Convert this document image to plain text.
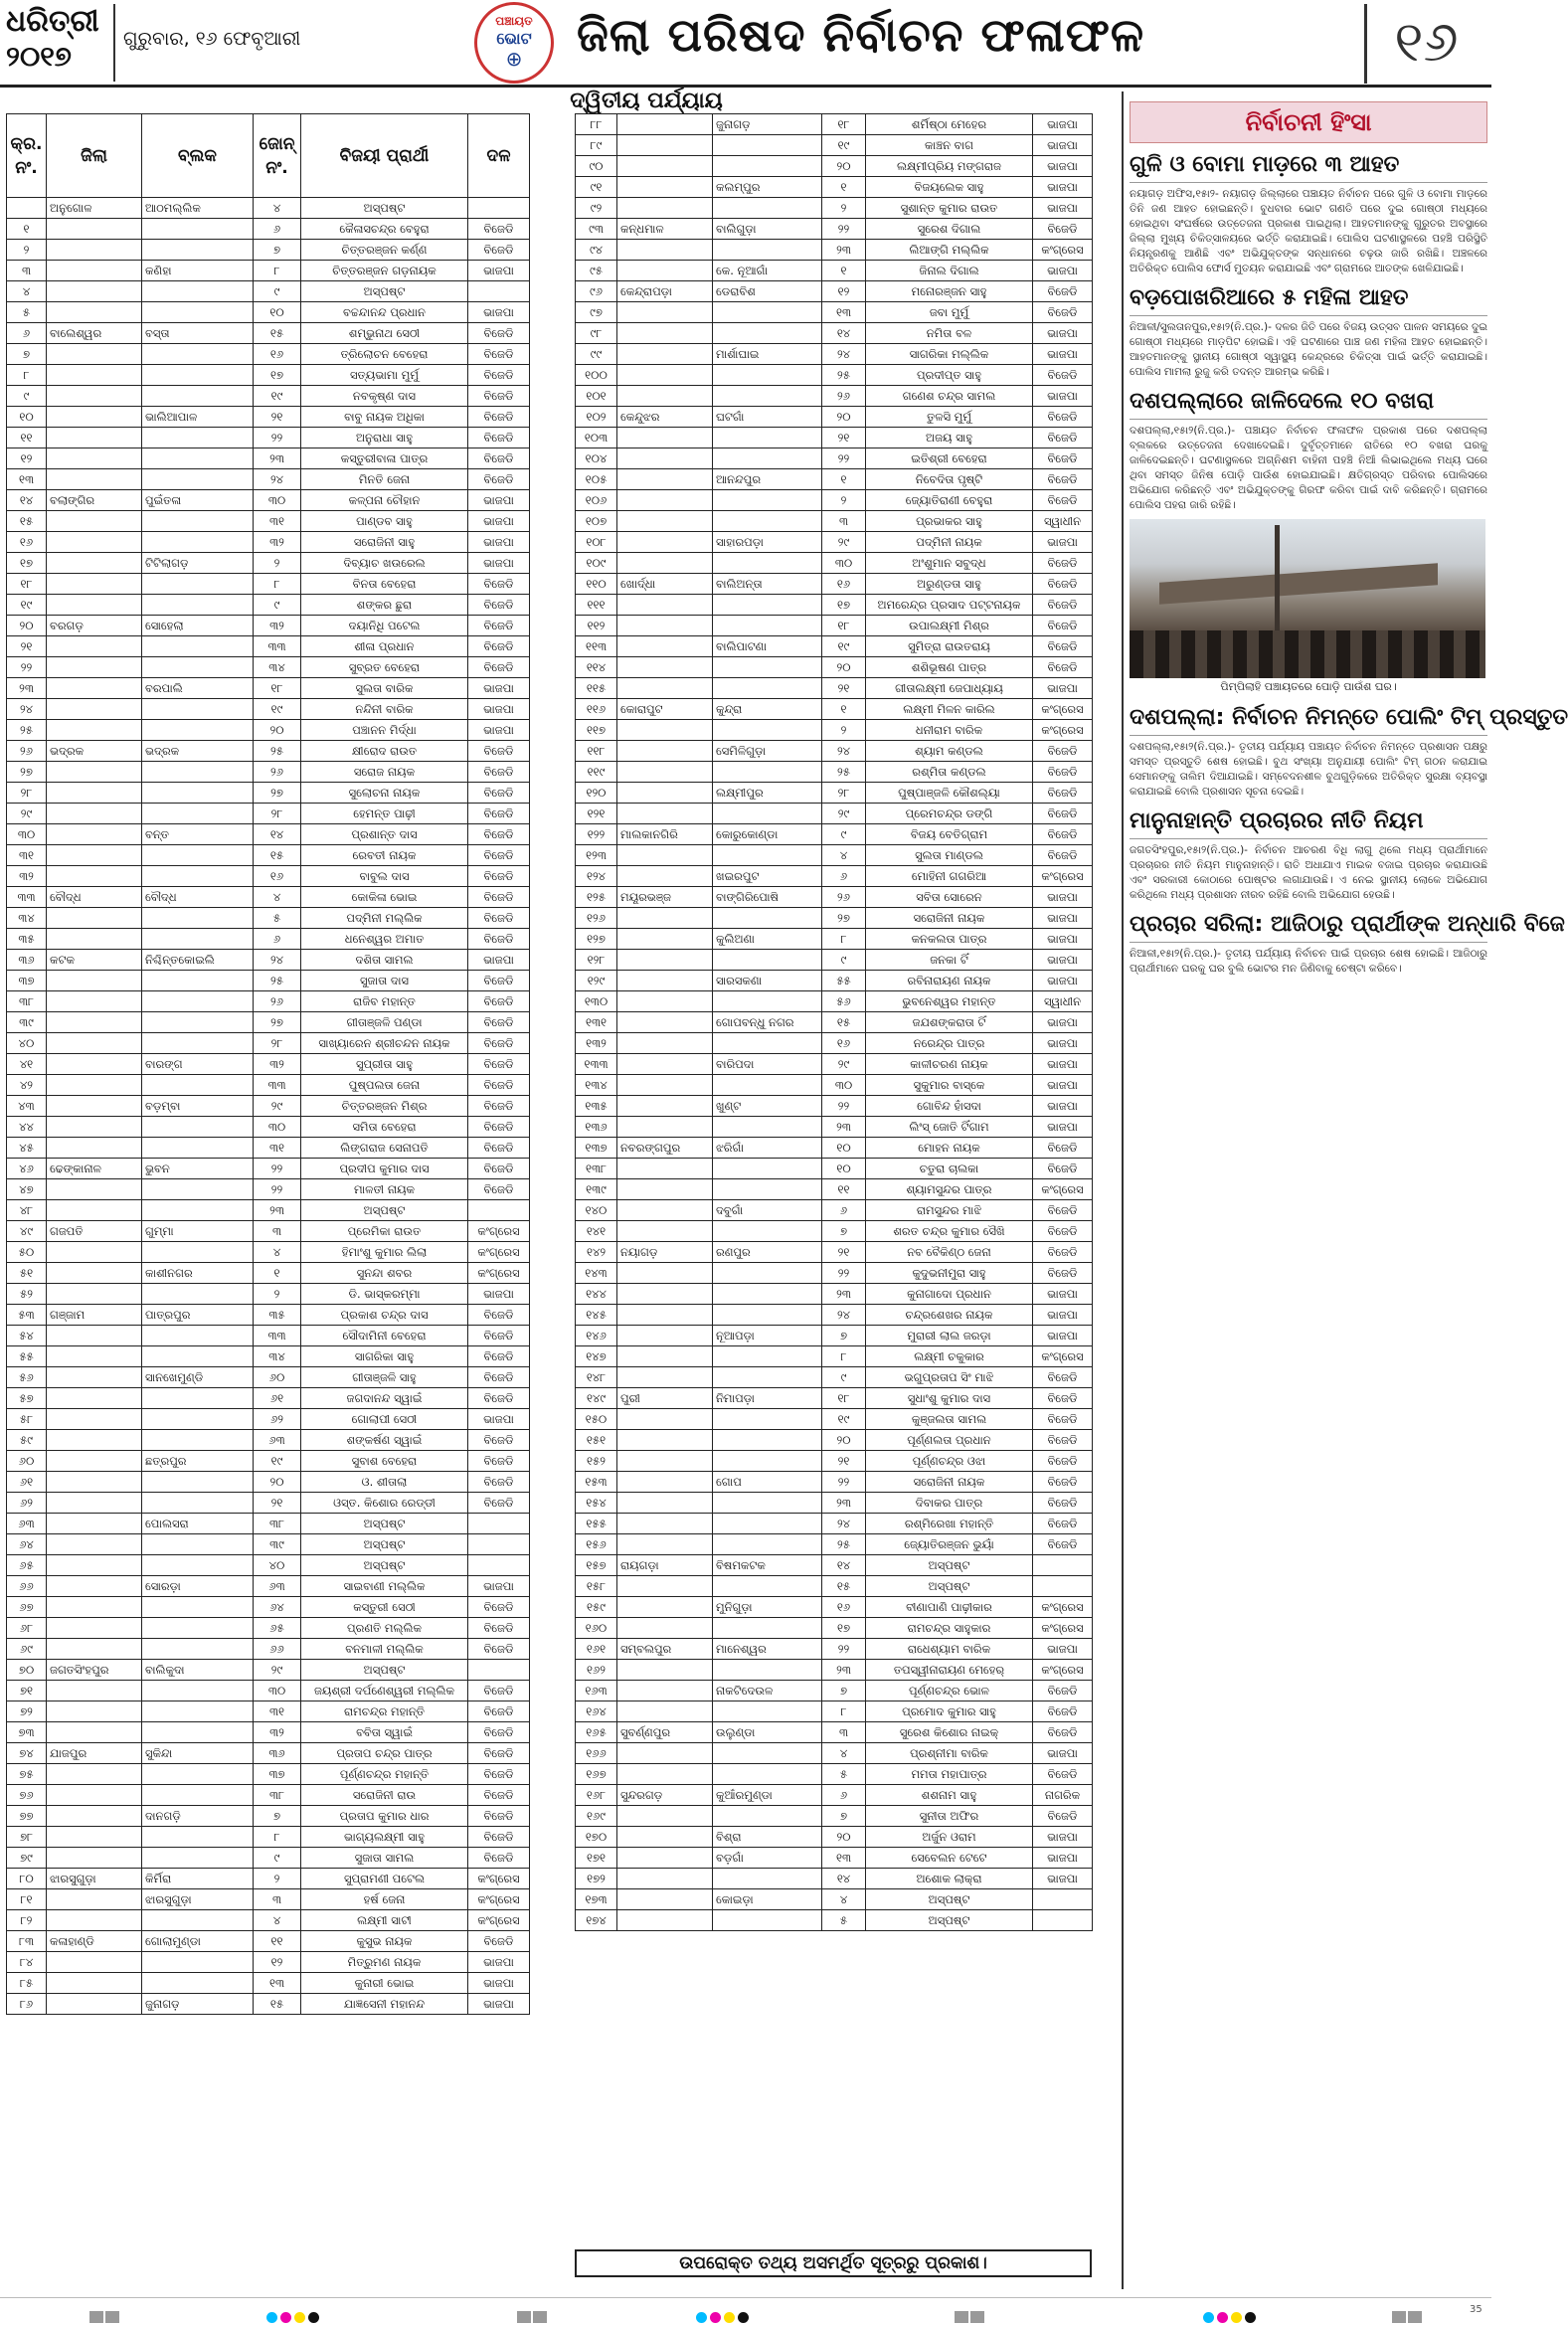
ଧରିତ୍ରୀ
୨୦୧୭
ଗୁରୁବାର, ୧୬ ଫେବୃଆରୀ
ପଞ୍ଚାୟତ
ଭୋଟ
⊕	ଜିଲା ପରିଷଦ ନିର୍ବାଚନ ଫଳାଫଳ	୧୬
ଦ୍ୱିତୀୟ ପର୍ଯ୍ୟାୟ
କ୍ର. ନଂ.	ଜିଲା	ବ୍ଲକ	ଜୋନ୍ ନଂ.	ବିଜୟୀ ପ୍ରାର୍ଥୀ	ଦଳ
	ଅନୁଗୋଳ	ଆଠମଲ୍ଲିକ	୪	ଅସ୍ପଷ୍ଟ	
୧			୬	କୈଳାସଚନ୍ଦ୍ର ବେହୁରା	ବିଜେଡି
୨			୭	ଚିତ୍ତରଞ୍ଜନ କର୍ଣ୍ଣ	ବିଜେଡି
୩		କଣିହା	୮	ଚିତ୍ତରଞ୍ଜନ ଗଡ଼ନାୟକ	ଭାଜପା
୪			୯	ଅସ୍ପଷ୍ଟ	
୫			୧୦	ବଚ୍ଚନ୍ଦାନନ୍ଦ ପ୍ରଧାନ	ଭାଜପା
୬	ବାଲେଶ୍ୱର	ବସ୍ତା	୧୫	ଶମ୍ଭୁନାଥ ସେଠୀ	ବିଜେଡି
୭			୧୬	ତ୍ରିଲୋଚନ ବେହେରା	ବିଜେଡି
୮			୧୭	ସତ୍ୟଭାମା ମୁର୍ମୁ	ବିଜେଡି
୯			୧୯	ନବକୃଷ୍ଣ ଦାସ	ବିଜେଡି
୧୦		ଭାଲିଆପାଳ	୨୧	ବାବୁ ନାୟକ ଅଧିକା	ବିଜେଡି
୧୧			୨୨	ଅନୁରାଧା ସାହୁ	ବିଜେଡି
୧୨			୨୩	କସ୍ତୁରୀବାଳା ପାତ୍ର	ବିଜେଡି
୧୩			୨୪	ମିନତି ଜେନା	ବିଜେଡି
୧୪	ବଲାଙ୍ଗିର	ପୁଇଁତଳା	୩୦	କଳ୍ପନା ଚୌହାନ	ଭାଜପା
୧୫			୩୧	ପାଣ୍ଡବ ସାହୁ	ଭାଜପା
୧୬			୩୨	ସରୋଜିନୀ ସାହୁ	ଭାଜପା
୧୭		ଟିଟିଲାଗଡ଼	୨	ଦିବ୍ୟାଚ ଖଉରେଲ	ଭାଜପା
୧୮			୮	ବିନତା ବେହେରା	ବିଜେଡି
୧୯			୯	ଶଙ୍କର ଛୁରା	ବିଜେଡି
୨୦	ବରଗଡ଼	ସୋହେଲା	୩୨	ଦୟାନିଧି ପଟେଲ	ବିଜେଡି
୨୧			୩୩	ଶୀଳା ପ୍ରଧାନ	ବିଜେଡି
୨୨			୩୪	ସୁବ୍ରତ ବେହେରା	ବିଜେଡି
୨୩		ବରପାଲି	୧୮	ସୁଲତା ବାରିକ	ଭାଜପା
୨୪			୧୯	ନନ୍ଦିନୀ ବାରିକ	ଭାଜପା
୨୫			୨୦	ପଞ୍ଚାନନ ମିର୍ଦ୍ଧା	ଭାଜପା
୨୬	ଭଦ୍ରକ	ଭଦ୍ରକ	୨୫	କ୍ଷୀରୋଦ ରାଉତ	ବିଜେଡି
୨୭			୨୬	ସରୋଜ ନାୟକ	ବିଜେଡି
୨୮			୨୭	ସୁଲୋଚନା ନାୟକ	ବିଜେଡି
୨୯			୨୮	ହେମନ୍ତ ପାଢ଼ୀ	ବିଜେଡି
୩୦		ବନ୍ତ	୧୪	ପ୍ରଶାନ୍ତ ଦାସ	ବିଜେଡି
୩୧			୧୫	ରେବତୀ ନାୟକ	ବିଜେଡି
୩୨			୧୬	ବାବୁଲ ଦାସ	ବିଜେଡି
୩୩	ବୌଦ୍ଧ	ବୌଦ୍ଧ	୪	କୋକିଳା ଭୋଇ	ବିଜେଡି
୩୪			୫	ପଦ୍ମିନୀ ମଲ୍ଲିକ	ବିଜେଡି
୩୫			୬	ଧନେଶ୍ୱର ଅମାତ	ବିଜେଡି
୩୬	କଟକ	ନିଶ୍ଚିନ୍ତକୋଇଲି	୨୪	ଦଶିତା ସାମଲ	ଭାଜପା
୩୭			୨୫	ସୁଜାତା ଦାସ	ବିଜେଡି
୩୮			୨୬	ରାଜିବ ମହାନ୍ତ	ବିଜେଡି
୩୯			୨୭	ଗୀତାଞ୍ଜଳି ପଣ୍ଡା	ବିଜେଡି
୪୦			୨୮	ସାଖ୍ୟାରେନ ଶ୍ରୀଚନ୍ଦନ ନାୟକ	ବିଜେଡି
୪୧		ବାରଙ୍ଗ	୩୨	ସୁପ୍ରୀତା ସାହୁ	ବିଜେଡି
୪୨			୩୩	ପୁଷ୍ପଲତା ଜେନା	ବିଜେଡି
୪୩		ବଡ଼ମ୍ବା	୨୯	ଚିତ୍ତରଞ୍ଜନ ମିଶ୍ର	ବିଜେଡି
୪୪			୩୦	ସମିତା ବେହେରା	ବିଜେଡି
୪୫			୩୧	ଲିଙ୍ଗରାଜ ସେନାପତି	ବିଜେଡି
୪୬	ଢେଙ୍କାନାଳ	ଭୁବନ	୨୨	ପ୍ରଦୀପ କୁମାର ଦାସ	ବିଜେଡି
୪୭			୨୨	ମାଳତୀ ନାୟକ	ବିଜେଡି
୪୮			୨୩	ଅସ୍ପଷ୍ଟ	
୪୯	ଗଜପତି	ଗୁମ୍ମା	୩	ପ୍ରେମିକା ରାଉତ	କଂଗ୍ରେସ
୫୦			୪	ହିମାଂଶୁ କୁମାର ଲିଲା	କଂଗ୍ରେସ
୫୧		କାଶୀନଗର	୧	ସୁନନ୍ଦା ଶବର	କଂଗ୍ରେସ
୫୨			୨	ଡି. ଭାସ୍କରମ୍ମା	ଭାଜପା
୫୩	ଗଞ୍ଜାମ	ପାତ୍ରପୁର	୩୫	ପ୍ରକାଶ ଚନ୍ଦ୍ର ଦାସ	ବିଜେଡି
୫୪			୩୩	ସୌଦାମିନୀ ବେହେରା	ବିଜେଡି
୫୫			୩୪	ସାଗରିକା ସାହୁ	ବିଜେଡି
୫୬		ସାନଖେମୁଣ୍ଡି	୬୦	ଗୀତାଞ୍ଜଳି ସାହୁ	ବିଜେଡି
୫୭			୬୧	ଜଗଦାନନ୍ଦ ସ୍ୱାଇଁ	ବିଜେଡି
୫୮			୬୨	ଗୋଲାପୀ ସେଠୀ	ଭାଜପା
୫୯			୬୩	ଶଙ୍କର୍ଷଣ ସ୍ୱାଇଁ	ବିଜେଡି
୬୦		ଛତ୍ରପୁର	୧୯	ସୁବାଶ ବେହେରା	ବିଜେଡି
୬୧			୨୦	ଓ. ଶୀତାଲା	ବିଜେଡି
୬୨			୨୧	ଓସ୍ତ. କିଶୋର ରେଡ୍ଡୀ	ବିଜେଡି
୬୩		ପୋଲସରା	୩୮	ଅସ୍ପଷ୍ଟ	
୬୪			୩୯	ଅସ୍ପଷ୍ଟ	
୬୫			୪୦	ଅସ୍ପଷ୍ଟ	
୬୬		ସୋରଡ଼ା	୬୩	ସାଇବାଣୀ ମଲ୍ଲିକ	ଭାଜପା
୬୭			୬୪	କସ୍ତୁରୀ ସେଠୀ	ବିଜେଡି
୬୮			୬୫	ପ୍ରଣତି ମଲ୍ଲିକ	ବିଜେଡି
୬୯			୬୬	ବନମାଳୀ ମଲ୍ଲିକ	ବିଜେଡି
୭୦	ଜଗତସିଂହପୁର	ବାଲିକୁଦା	୨୯	ଅସ୍ପଷ୍ଟ	
୭୧			୩୦	ଜୟଶ୍ରୀ ଦର୍ପଣେଶ୍ୱରୀ ମଲ୍ଲିକ	ବିଜେଡି
୭୨			୩୧	ରାମଚନ୍ଦ୍ର ମହାନ୍ତି	ବିଜେଡି
୭୩			୩୨	ବବିତା ସ୍ୱାଇଁ	ବିଜେଡି
୭୪	ଯାଜପୁର	ସୁକିନ୍ଦା	୩୬	ପ୍ରତାପ ଚନ୍ଦ୍ର ପାତ୍ର	ବିଜେଡି
୭୫			୩୭	ପୂର୍ଣ୍ଣଚନ୍ଦ୍ର ମହାନ୍ତି	ବିଜେଡି
୭୬			୩୮	ସରୋଜିନୀ ରାଉ	ବିଜେଡି
୭୭		ଦାନଗଡ଼ି	୭	ପ୍ରତାପ କୁମାର ଧାର	ବିଜେଡି
୭୮			୮	ଭାଗ୍ୟଲକ୍ଷ୍ମୀ ସାହୁ	ବିଜେଡି
୭୯			୯	ସୁଜାତା ସାମଲ	ବିଜେଡି
୮୦	ଝାରସୁଗୁଡ଼ା	କିର୍ମିରା	୨	ସୁପ୍ରାମଣୀ ପଟେଲ	କଂଗ୍ରେସ
୮୧		ଝାରସୁଗୁଡ଼ା	୩	ହର୍ଷ ଜେନା	କଂଗ୍ରେସ
୮୨			୪	ଲକ୍ଷ୍ମୀ ସାଟୀ	କଂଗ୍ରେସ
୮୩	କଳାହାଣ୍ଡି	ଗୋଲାମୁଣ୍ଡା	୧୧	କୁସୁଭ ନାୟକ	ବିଜେଡି
୮୪			୧୨	ମିତ୍ରୁମଣ ନାୟକ	ଭାଜପା
୮୫			୧୩	କୁନାରୀ ଭୋଇ	ଭାଜପା
୮୬		ଜୁନାଗଡ଼	୧୫	ଯାଜ୍ଞସେନୀ ମହାନନ୍ଦ	ଭାଜପା
୮୮		ଜୁନାଗଡ଼	୧୮	ଶର୍ମିଷ୍ଠା ମେହେର	ଭାଜପା
୮୯			୧୯	କାଞ୍ଚନ ବାଗ	ଭାଜପା
୯୦			୨୦	ଲକ୍ଷ୍ମୀପ୍ରିୟ ମଙ୍ଗରାଜ	ଭାଜପା
୯୧		କଲମ୍ପୁର	୧	ବିଜୟଲେକ ସାହୁ	ଭାଜପା
୯୨			୨	ସୁଶାନ୍ତ କୁମାର ରାଉତ	ଭାଜପା
୯୩	କନ୍ଧମାଳ	ବାଲିଗୁଡ଼ା	୨୨	ସୁରେଶ ଦିଗାଲ	ବିଜେଡି
୯୪			୨୩	ଲିଆଙ୍ଗି ମଲ୍ଲିକ	କଂଗ୍ରେସ
୯୫		କେ. ନୂଆଗାଁ	୧	ଜିନାଲ ଦିଗାଲ	ଭାଜପା
୯୬	କେନ୍ଦ୍ରାପଡ଼ା	ଡେରାବିଶ	୧୨	ମନୋରଞ୍ଜନ ସାହୁ	ବିଜେଡି
୯୭			୧୩	ଜବା ମୁର୍ମୁ	ବିଜେଡି
୯୮			୧୪	ନମିତା ବଳ	ଭାଜପା
୯୯		ମାର୍ଶାଘାଇ	୨୪	ସାଗରିକା ମଲ୍ଲିକ	ଭାଜପା
୧୦୦			୨୫	ପ୍ରଦୀପ୍ତ ସାହୁ	ବିଜେଡି
୧୦୧			୨୬	ଗଣେଶ ଚନ୍ଦ୍ର ସାମଲ	ଭାଜପା
୧୦୨	କେନ୍ଦୁଝର	ଘଟଗାଁ	୨୦	ତୁଳସି ମୁର୍ମୁ	ବିଜେଡି
୧୦୩			୨୧	ଅଜୟ ସାହୁ	ବିଜେଡି
୧୦୪			୨୨	ଇତିଶ୍ରୀ ବେହେରା	ବିଜେଡି
୧୦୫		ଆନନ୍ଦପୁର	୧	ନିବେଦିତା ପୃଷ୍ଟି	ବିଜେଡି
୧୦୬			୨	ଜ୍ୟୋତିରାଣୀ ବେହୁରା	ବିଜେଡି
୧୦୭			୩	ପ୍ରଭାକର ସାହୁ	ସ୍ୱାଧୀନ
୧୦୮		ସାହାରପଡ଼ା	୨୯	ପଦ୍ମିନୀ ନାୟକ	ଭାଜପା
୧୦୯			୩୦	ଅଂଶୁମାନ ସବୁଦ୍ଧ	ବିଜେଡି
୧୧୦	ଖୋର୍ଦ୍ଧା	ବାଲିଅନ୍ତା	୧୬	ଅରୁଣ୍ଡତା ସାହୁ	ବିଜେଡି
୧୧୧			୧୭	ଅମରେନ୍ଦ୍ର ପ୍ରସାଦ ପଟ୍ଟନାୟକ	ବିଜେଡି
୧୧୨			୧୮	ଉପାଲକ୍ଷ୍ମୀ ମିଶ୍ର	ବିଜେଡି
୧୧୩		ବାଲିପାଟଣା	୧୯	ସୁମିତ୍ରା ରାଉତରାୟ	ବିଜେଡି
୧୧୪			୨୦	ଶଶିଭୂଷଣ ପାତ୍ର	ବିଜେଡି
୧୧୫			୨୧	ଗୀତାଲକ୍ଷ୍ମୀ ଜେପାଧ୍ୟାୟ	ଭାଜପା
୧୧୬	କୋରାପୁଟ	କୁନ୍ଦ୍ରା	୧	ଲକ୍ଷ୍ମୀ ମିଳନ କାରିଲ	କଂଗ୍ରେସ
୧୧୭			୨	ଧନୀରାମ ବାରିକ	କଂଗ୍ରେସ
୧୧୮		ସେମିଳିଗୁଡ଼ା	୨୪	ଶ୍ୟାମ କଣ୍ଡଲ	ବିଜେଡି
୧୧୯			୨୫	ରଶ୍ମିତା କଣ୍ଡଲ	ବିଜେଡି
୧୨୦		ଲକ୍ଷ୍ମୀପୁର	୨୮	ପୁଷ୍ପାଞ୍ଜଳି କୌଶଲ୍ୟା	ବିଜେଡି
୧୨୧			୨୯	ପ୍ରେମଚନ୍ଦ୍ର ଡଙ୍ଗି	ବିଜେଡି
୧୨୨	ମାଲକାନଗିରି	କୋରୁକୋଣ୍ଡା	୯	ବିଜୟ ବେତିଗ୍ରାମ	ବିଜେଡି
୧୨୩			୪	ସୁଲତା ମାଣ୍ଡଲ	ବିଜେଡି
୧୨୪		ଖଇରପୁଟ	୬	ମୋହିନୀ ଗଗରିଆ	କଂଗ୍ରେସ
୧୨୫	ମୟୂରଭଞ୍ଜ	ବାଙ୍ଗିରିପୋଷି	୨୬	ସବିତା ସୋରେନ	ଭାଜପା
୧୨୬			୨୭	ସରୋଜିନୀ ନାୟକ	ଭାଜପା
୧୨୭		କୁଲିଅଣା	୮	କନକଲତା ପାତ୍ର	ଭାଜପା
୧୨୮			୯	ଜନକା ଟିଁ	ଭାଜପା
୧୨୯		ସାରସକଣା	୫୫	ରବିନାରାୟଣ ନାୟକ	ଭାଜପା
୧୩୦			୫୬	ଭୁବନେଶ୍ୱର ମହାନ୍ତ	ସ୍ୱାଧୀନ
୧୩୧		ଗୋପବନ୍ଧୁ ନଗର	୧୫	ଜଯଶଙ୍କରାତା ଟିଁ	ଭାଜପା
୧୩୨			୧୬	ନରେନ୍ଦ୍ର ପାତ୍ର	ଭାଜପା
୧୩୩		ବାରିପଦା	୨୯	କାଳୀଚରଣ ନାୟକ	ଭାଜପା
୧୩୪			୩୦	ସୁକୁମାର ବାସ୍କେ	ଭାଜପା
୧୩୫		ଖୁଣ୍ଟ	୨୨	ଗୋବିନ୍ଦ ହାଁସଦା	ଭାଜପା
୧୩୬			୨୩	ଲିଂସ୍ ଜୋତି ଟିଁଗାମ	ଭାଜପା
୧୩୭	ନବରଙ୍ଗପୁର	ଝରିଗାଁ	୧୦	ମୋହନ ନାୟକ	ବିଜେଡି
୧୩୮			୧୦	ଚତୁରା ଚାଲକା	ବିଜେଡି
୧୩୯			୧୧	ଶ୍ୟାମସୁନ୍ଦର ପାତ୍ର	କଂଗ୍ରେସ
୧୪୦		ଦବୁଗାଁ	୬	ରାମସୁନ୍ଦର ମାଝି	ବିଜେଡି
୧୪୧			୭	ଶରତ ଚନ୍ଦ୍ର କୁମାର ସୈଖି	ବିଜେଡି
୧୪୨	ନୟାଗଡ଼	ରଣପୁର	୨୧	ନବ ବୈକିଣ୍ଠ ଜେନା	ବିଜେଡି
୧୪୩			୨୨	କୁଦୁଭନୀମୁରା ସାହୁ	ବିଜେଡି
୧୪୪			୨୩	କୁନାଗାଦୋ ପ୍ରଧାନ	ଭାଜପା
୧୪୫			୨୪	ଚନ୍ଦ୍ରଶେଖର ନାୟକ	ଭାଜପା
୧୪୬		ନୂଆପଡ଼ା	୭	ମୁରାରୀ ଲାଲ ଜରଡ଼ା	ଭାଜପା
୧୪୭			୮	ଲକ୍ଷ୍ମୀ ଚକୁକାର	କଂଗ୍ରେସ
୧୪୮			୯	ଭଗୁପ୍ରତାପ ସିଂ ମାଝି	ବିଜେଡି
୧୪୯	ପୁରୀ	ନିମାପଡ଼ା	୧୮	ସୁଧାଂଶୁ କୁମାର ଦାସ	ବିଜେଡି
୧୫୦			୧୯	କୁଞ୍ଜଲତା ସାମଲ	ବିଜେଡି
୧୫୧			୨୦	ପୂର୍ଣ୍ଣଲତା ପ୍ରଧାନ	ବିଜେଡି
୧୫୨			୨୧	ପୂର୍ଣ୍ଣଚନ୍ଦ୍ର ଓଝା	ବିଜେଡି
୧୫୩		ଗୋପ	୨୨	ସରୋଜିନୀ ନାୟକ	ବିଜେଡି
୧୫୪			୨୩	ଦିବାକର ପାତ୍ର	ବିଜେଡି
୧୫୫			୨୪	ରଶ୍ମିରେଖା ମହାନ୍ତି	ବିଜେଡି
୧୫୬			୨୫	ଜ୍ୟୋତିରଞ୍ଜନ ଭୁୟାଁ	ବିଜେଡି
୧୫୭	ରାୟଗଡ଼ା	ବିଷମକଟକ	୧୪	ଅସ୍ପଷ୍ଟ	
୧୫୮			୧୫	ଅସ୍ପଷ୍ଟ	
୧୫୯		ମୁନିଗୁଡ଼ା	୧୬	ବୀଣାପାଣି ପାଢ଼ୀକାର	କଂଗ୍ରେସ
୧୬୦			୧୭	ରାମଚନ୍ଦ୍ର ସାହୁକାର	କଂଗ୍ରେସ
୧୬୧	ସମ୍ବଲପୁର	ମାନେଶ୍ୱର	୨୨	ରାଧେଶ୍ୟାମ ବାରିକ	ଭାଜପା
୧୬୨			୨୩	ତପସ୍ୱୀନାରାୟଣ ମେହେର୍	କଂଗ୍ରେସ
୧୬୩		ନାକଟିଦେଉଳ	୭	ପୂର୍ଣ୍ଣଚନ୍ଦ୍ର ଭୋଳ	ବିଜେଡି
୧୬୪			୮	ପ୍ରମୋଦ କୁମାର ସାହୁ	ବିଜେଡି
୧୬୫	ସୁବର୍ଣ୍ଣପୁର	ଉଲୁଣ୍ଡା	୩	ସୁରେଶ କିଶୋର ନାଇକ୍	ବିଜେଡି
୧୬୬			୪	ପ୍ରଶ୍ନୀମା ବାରିକ	ଭାଜପା
୧୬୭			୫	ମମତା ମହାପାତ୍ର	ବିଜେଡି
୧୬୮	ସୁନ୍ଦରଗଡ଼	କୁଆଁରମୁଣ୍ଡା	୬	ଶଶନାମ ସାହୁ	ନାଗରିକ
୧୬୯			୭	ସୁନୀତା ଅଫିର	ବିଜେଡି
୧୭୦		ବିଶ୍ରା	୨୦	ଅର୍ଜୁନ ଓରାମ	ଭାଜପା
୧୭୧		ବଡ଼ଗାଁ	୧୩	ସେବେଲନ ଟେଟେ	ଭାଜପା
୧୭୨			୧୪	ଅଶୋକ ଲାକ୍ରା	ଭାଜପା
୧୭୩		କୋଇଡ଼ା	୪	ଅସ୍ପଷ୍ଟ	
୧୭୪			୫	ଅସ୍ପଷ୍ଟ	
ଉପରୋକ୍ତ ତଥ୍ୟ ଅସମର୍ଥିତ ସୂତ୍ରରୁ ପ୍ରକାଶ।
ନିର୍ବାଚନୀ ହିଂସା
ଗୁଳି ଓ ବୋମା ମାଡ଼ରେ ୩ ଆହତ
ନୟାଗଡ଼ ଅଫିସ,୧୫ା୨- ନୟାଗଡ଼ ଜିଲ୍ଲାରେ ପଞ୍ଚାୟତ ନିର୍ବାଚନ ପରେ ଗୁଳି ଓ ବୋମା ମାଡ଼ରେ ତିନି ଜଣ ଆହତ ହୋଇଛନ୍ତି। ବୁଧବାର ଭୋଟ ଗଣତି ପରେ ଦୁଇ ଗୋଷ୍ଠୀ ମଧ୍ୟରେ ହୋଇଥିବା ସଂଘର୍ଷରେ ଉତ୍ତେଜନା ପ୍ରକାଶ ପାଇଥିଲା। ଆହତମାନଙ୍କୁ ଗୁରୁତର ଅବସ୍ଥାରେ ଜିଲ୍ଲା ମୁଖ୍ୟ ଚିକିତ୍ସାଳୟରେ ଭର୍ତ୍ତି କରାଯାଇଛି। ପୋଲିସ ଘଟଣାସ୍ଥଳରେ ପହଞ୍ଚି ପରିସ୍ଥିତି ନିୟନ୍ତ୍ରଣକୁ ଆଣିଛି ଏବଂ ଅଭିଯୁକ୍ତଙ୍କ ସନ୍ଧାନରେ ଚଢ଼ଉ ଜାରି ରଖିଛି। ଅଞ୍ଚଳରେ ଅତିରିକ୍ତ ପୋଲିସ ଫୋର୍ସ ମୁତୟନ କରାଯାଇଛି ଏବଂ ଗ୍ରାମରେ ଆତଙ୍କ ଖେଳିଯାଇଛି।
ବଡ଼ପୋଖରିଆରେ ୫ ମହିଳା ଆହତ
ନିଆଳୀ/ସୁଲତାନପୁର,୧୫ା୨(ନି.ପ୍ର.)- ଦଳର ଜିତି ପରେ ବିଜୟ ଉତ୍ସବ ପାଳନ ସମୟରେ ଦୁଇ ଗୋଷ୍ଠୀ ମଧ୍ୟରେ ମାଡ଼ପିଟ ହୋଇଛି। ଏହି ଘଟଣାରେ ପାଞ୍ଚ ଜଣ ମହିଳା ଆହତ ହୋଇଛନ୍ତି। ଆହତମାନଙ୍କୁ ସ୍ଥାନୀୟ ଗୋଷ୍ଠୀ ସ୍ୱାସ୍ଥ୍ୟ କେନ୍ଦ୍ରରେ ଚିକିତ୍ସା ପାଇଁ ଭର୍ତ୍ତି କରାଯାଇଛି। ପୋଲିସ ମାମଲା ରୁଜୁ କରି ତଦନ୍ତ ଆରମ୍ଭ କରିଛି।
ଦଶପଲ୍ଲାରେ ଜାଳିଦେଲେ ୧୦ ବଖରା
ଦଶପଲ୍ଲା,୧୫ା୨(ନି.ପ୍ର.)- ପଞ୍ଚାୟତ ନିର୍ବାଚନ ଫଳାଫଳ ପ୍ରକାଶ ପରେ ଦଶପଲ୍ଲା ବ୍ଲକରେ ଉତ୍ତେଜନା ଦେଖାଦେଇଛି। ଦୁର୍ବୃତ୍ତମାନେ ରାତିରେ ୧୦ ବଖରା ଘରକୁ ଜାଳିଦେଇଛନ୍ତି। ଘଟଣାସ୍ଥଳରେ ଅଗ୍ନିଶମ ବାହିନୀ ପହଞ୍ଚି ନିଆଁ ଲିଭାଇଥିଲେ ମଧ୍ୟ ଘରେ ଥିବା ସମସ୍ତ ଜିନିଷ ପୋଡ଼ି ପାଉଁଶ ହୋଇଯାଇଛି। କ୍ଷତିଗ୍ରସ୍ତ ପରିବାର ପୋଲିସରେ ଅଭିଯୋଗ କରିଛନ୍ତି ଏବଂ ଅଭିଯୁକ୍ତଙ୍କୁ ଗିରଫ କରିବା ପାଇଁ ଦାବି କରିଛନ୍ତି। ଗ୍ରାମରେ ପୋଲିସ ପହରା ଜାରି ରହିଛି।
ପିମ୍ପିଲାହି ପଞ୍ଚାୟତରେ ପୋଡ଼ି ପାଉଁଶ ଘର।
ଦଶପଲ୍ଲା: ନିର୍ବାଚନ ନିମନ୍ତେ ପୋଲିଂ ଟିମ୍ ପ୍ରସ୍ତୁତ
ଦଶପଲ୍ଲା,୧୫ା୨(ନି.ପ୍ର.)- ତୃତୀୟ ପର୍ଯ୍ୟାୟ ପଞ୍ଚାୟତ ନିର୍ବାଚନ ନିମନ୍ତେ ପ୍ରଶାସନ ପକ୍ଷରୁ ସମସ୍ତ ପ୍ରସ୍ତୁତି ଶେଷ ହୋଇଛି। ବୁଥ ସଂଖ୍ୟା ଅନୁଯାୟୀ ପୋଲିଂ ଟିମ୍ ଗଠନ କରାଯାଇ ସେମାନଙ୍କୁ ତାଲିମ ଦିଆଯାଇଛି। ସମ୍ବେଦନଶୀଳ ବୁଥଗୁଡ଼ିକରେ ଅତିରିକ୍ତ ସୁରକ୍ଷା ବ୍ୟବସ୍ଥା କରାଯାଇଛି ବୋଲି ପ୍ରଶାସନ ସୂଚନା ଦେଇଛି।
ମାନୁନାହାନ୍ତି ପ୍ରଚାରର ନୀତି ନିୟମ
ଜଗତସିଂହପୁର,୧୫ା୨(ନି.ପ୍ର.)- ନିର୍ବାଚନ ଆଚରଣ ବିଧି ଲାଗୁ ଥିଲେ ମଧ୍ୟ ପ୍ରାର୍ଥୀମାନେ ପ୍ରଚାରର ନୀତି ନିୟମ ମାନୁନାହାନ୍ତି। ରାତି ଅଧାଯାଏ ମାଇକ ବଜାଇ ପ୍ରଚାର କରାଯାଉଛି ଏବଂ ସରକାରୀ କୋଠାରେ ପୋଷ୍ଟର ଲଗାଯାଉଛି। ଏ ନେଇ ସ୍ଥାନୀୟ ଲୋକେ ଅଭିଯୋଗ କରିଥିଲେ ମଧ୍ୟ ପ୍ରଶାସନ ନୀରବ ରହିଛି ବୋଲି ଅଭିଯୋଗ ହେଉଛି।
ପ୍ରଚାର ସରିଲା: ଆଜିଠାରୁ ପ୍ରାର୍ଥୀଙ୍କ ଅନ୍ଧାରି ବିଜେ
ନିଆଳୀ,୧୫ା୨(ନି.ପ୍ର.)- ତୃତୀୟ ପର୍ଯ୍ୟାୟ ନିର୍ବାଚନ ପାଇଁ ପ୍ରଚାର ଶେଷ ହୋଇଛି। ଆଜିଠାରୁ ପ୍ରାର୍ଥୀମାନେ ଘରକୁ ଘର ବୁଲି ଭୋଟର ମନ ଜିଣିବାକୁ ଚେଷ୍ଟା କରିବେ।
35
